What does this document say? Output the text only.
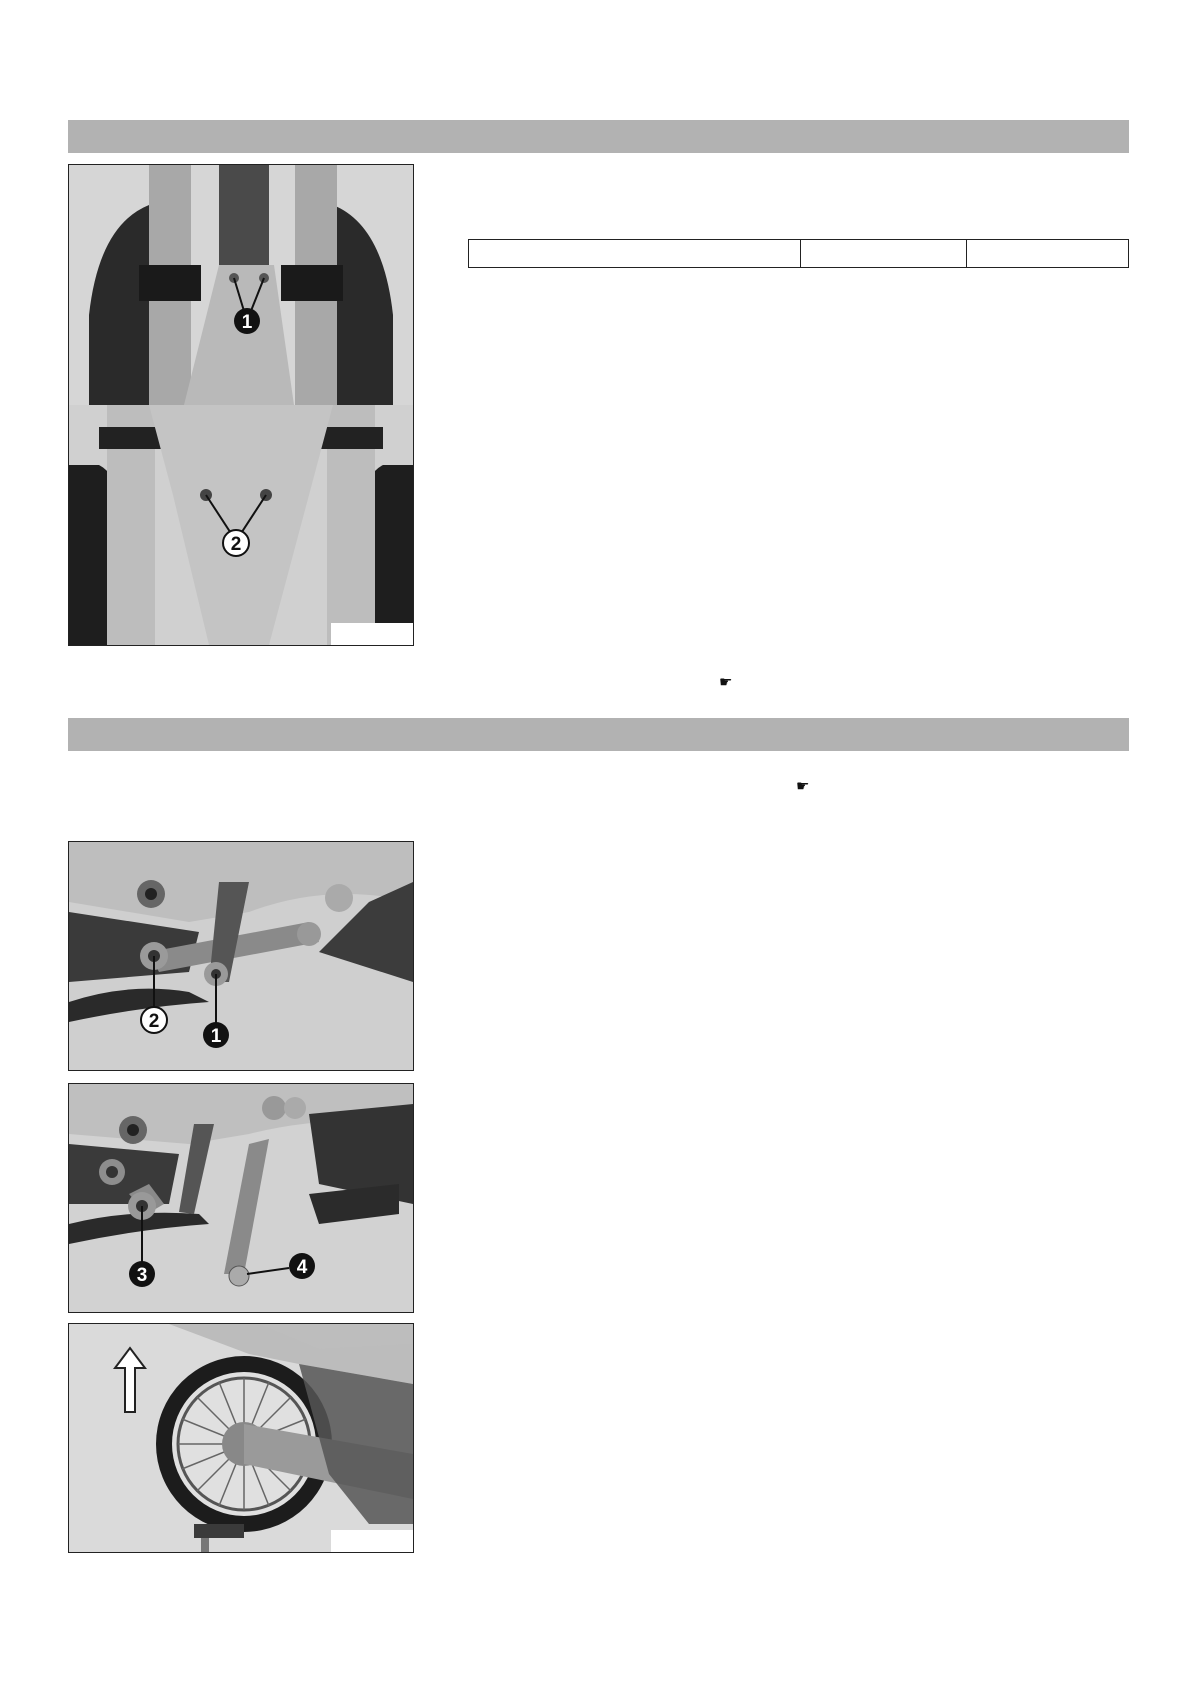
1
2

☛
☛
2
1
3	4
